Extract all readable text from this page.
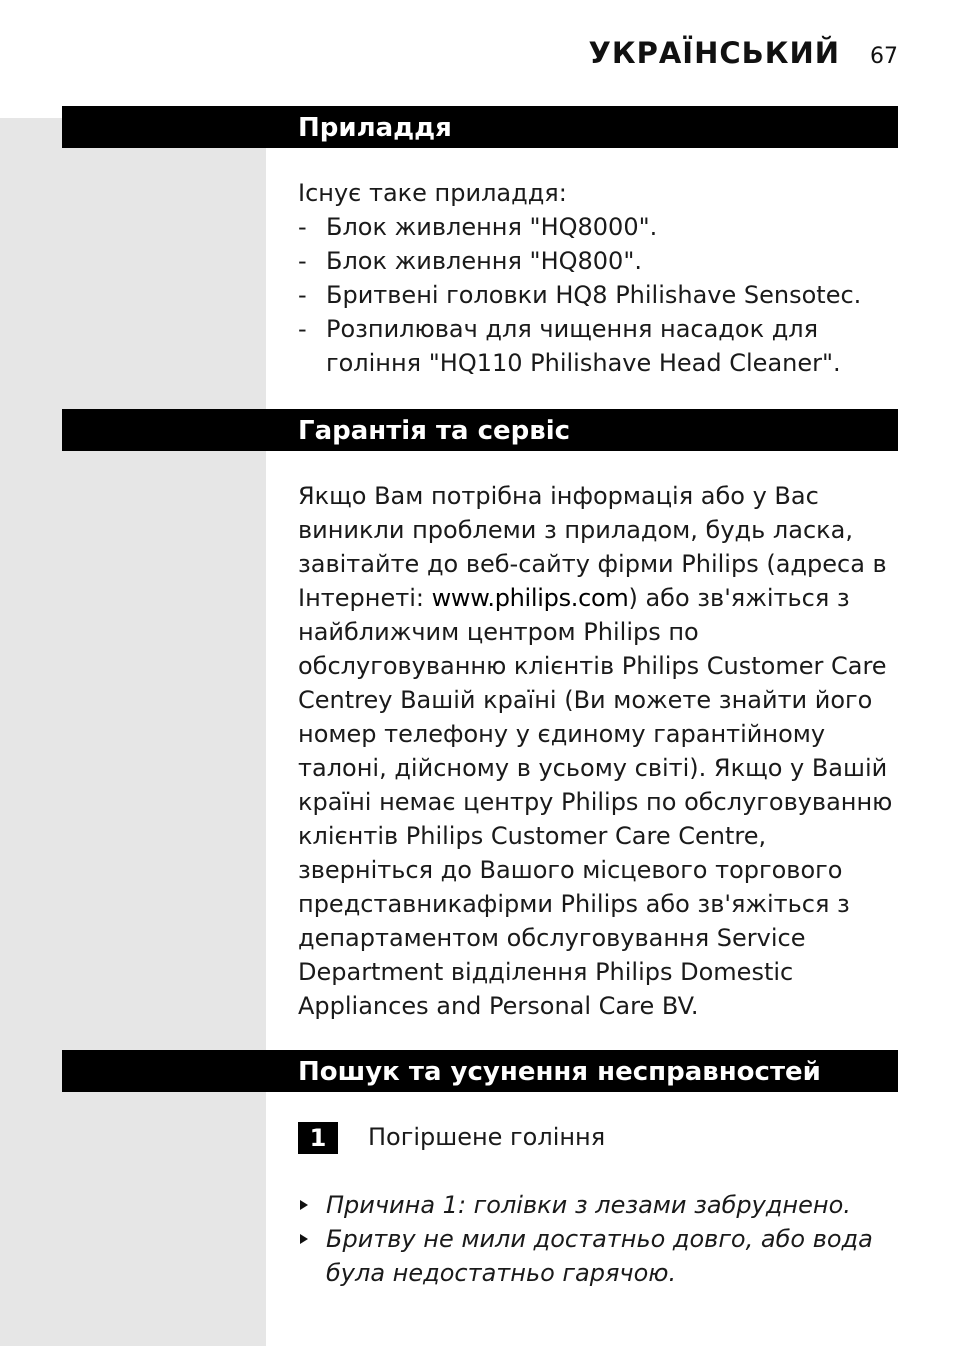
УКРАЇНСЬКИЙ 67
Приладдя

Існує таке приладдя:

- Блок живлення "HQ8000".
- Блок живлення "HQ800".
- Бритвені головки HQ8 Philishave Sensotec.
- Розпилювач для чищення насадок для гоління "HQ110 Philishave Head Cleaner".
Гарантія та сервіс

Якщо Вам потрібна інформація або у Вас виникли проблеми з приладом, будь ласка, завітайте до веб-сайту фірми Philips (адреса в Інтернеті: www.philips.com) або зв'яжіться з найближчим центром Philips по обслуговуванню клієнтів Philips Customer Care Centrey Вашій країні (Ви можете знайти його номер телефону у єдиному гарантійному талоні, дійсному в усьому світі). Якщо у Вашій країні немає центру Philips по обслуговуванню клієнтів Philips Customer Care Centre, зверніться до Вашого місцевого торгового представникафірми Philips або зв'яжіться з департаментом обслуговування Service Department відділення Philips Domestic Appliances and Personal Care BV.

Пошук та усунення несправностей
1	Погіршене гоління
Причина 1: голівки з лезами забруднено.
Бритву не мили достатньо довго, або вода була недостатньо гарячою.
